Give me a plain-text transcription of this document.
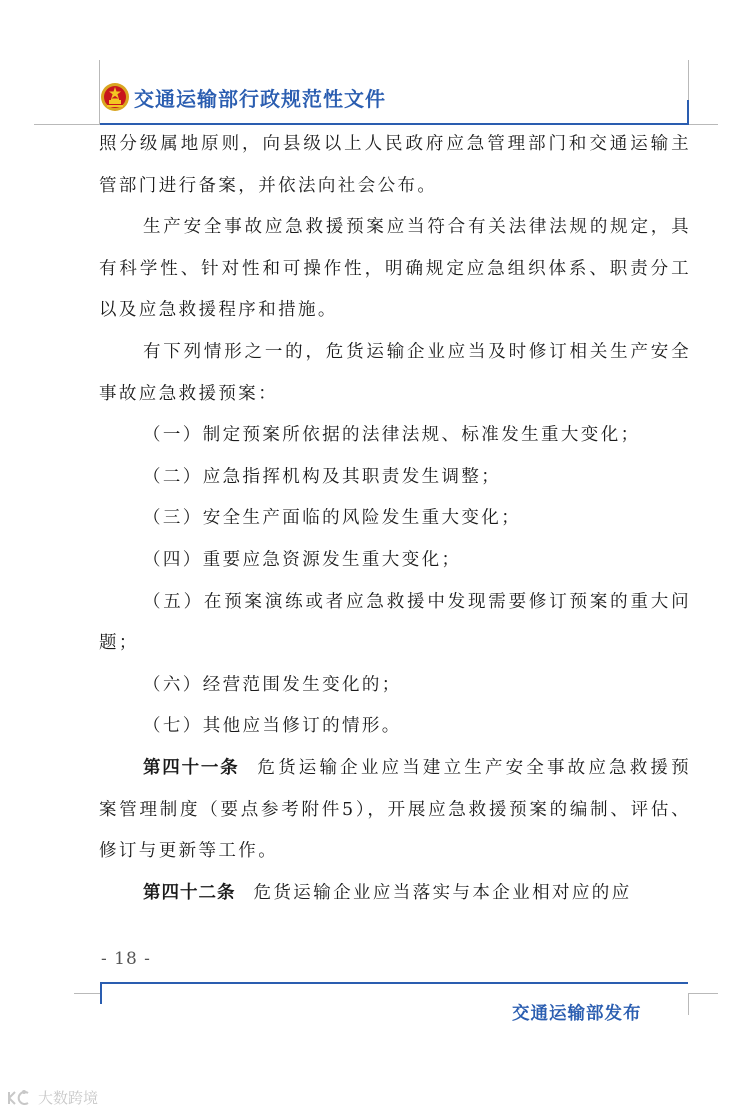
交通运输部行政规范性文件

照分级属地原则，向县级以上人民政府应急管理部门和交通运输主管部门进行备案，并依法向社会公布。

生产安全事故应急救援预案应当符合有关法律法规的规定，具有科学性、针对性和可操作性，明确规定应急组织体系、职责分工以及应急救援程序和措施。

有下列情形之一的，危货运输企业应当及时修订相关生产安全事故应急救援预案：

（一）制定预案所依据的法律法规、标准发生重大变化；

（二）应急指挥机构及其职责发生调整；

（三）安全生产面临的风险发生重大变化；

（四）重要应急资源发生重大变化；

（五）在预案演练或者应急救援中发现需要修订预案的重大问题；

（六）经营范围发生变化的；

（七）其他应当修订的情形。

第四十一条 危货运输企业应当建立生产安全事故应急救援预案管理制度（要点参考附件5），开展应急救援预案的编制、评估、修订与更新等工作。

第四十二条 危货运输企业应当落实与本企业相对应的应

- 18 -
交通运输部发布
大数跨境
